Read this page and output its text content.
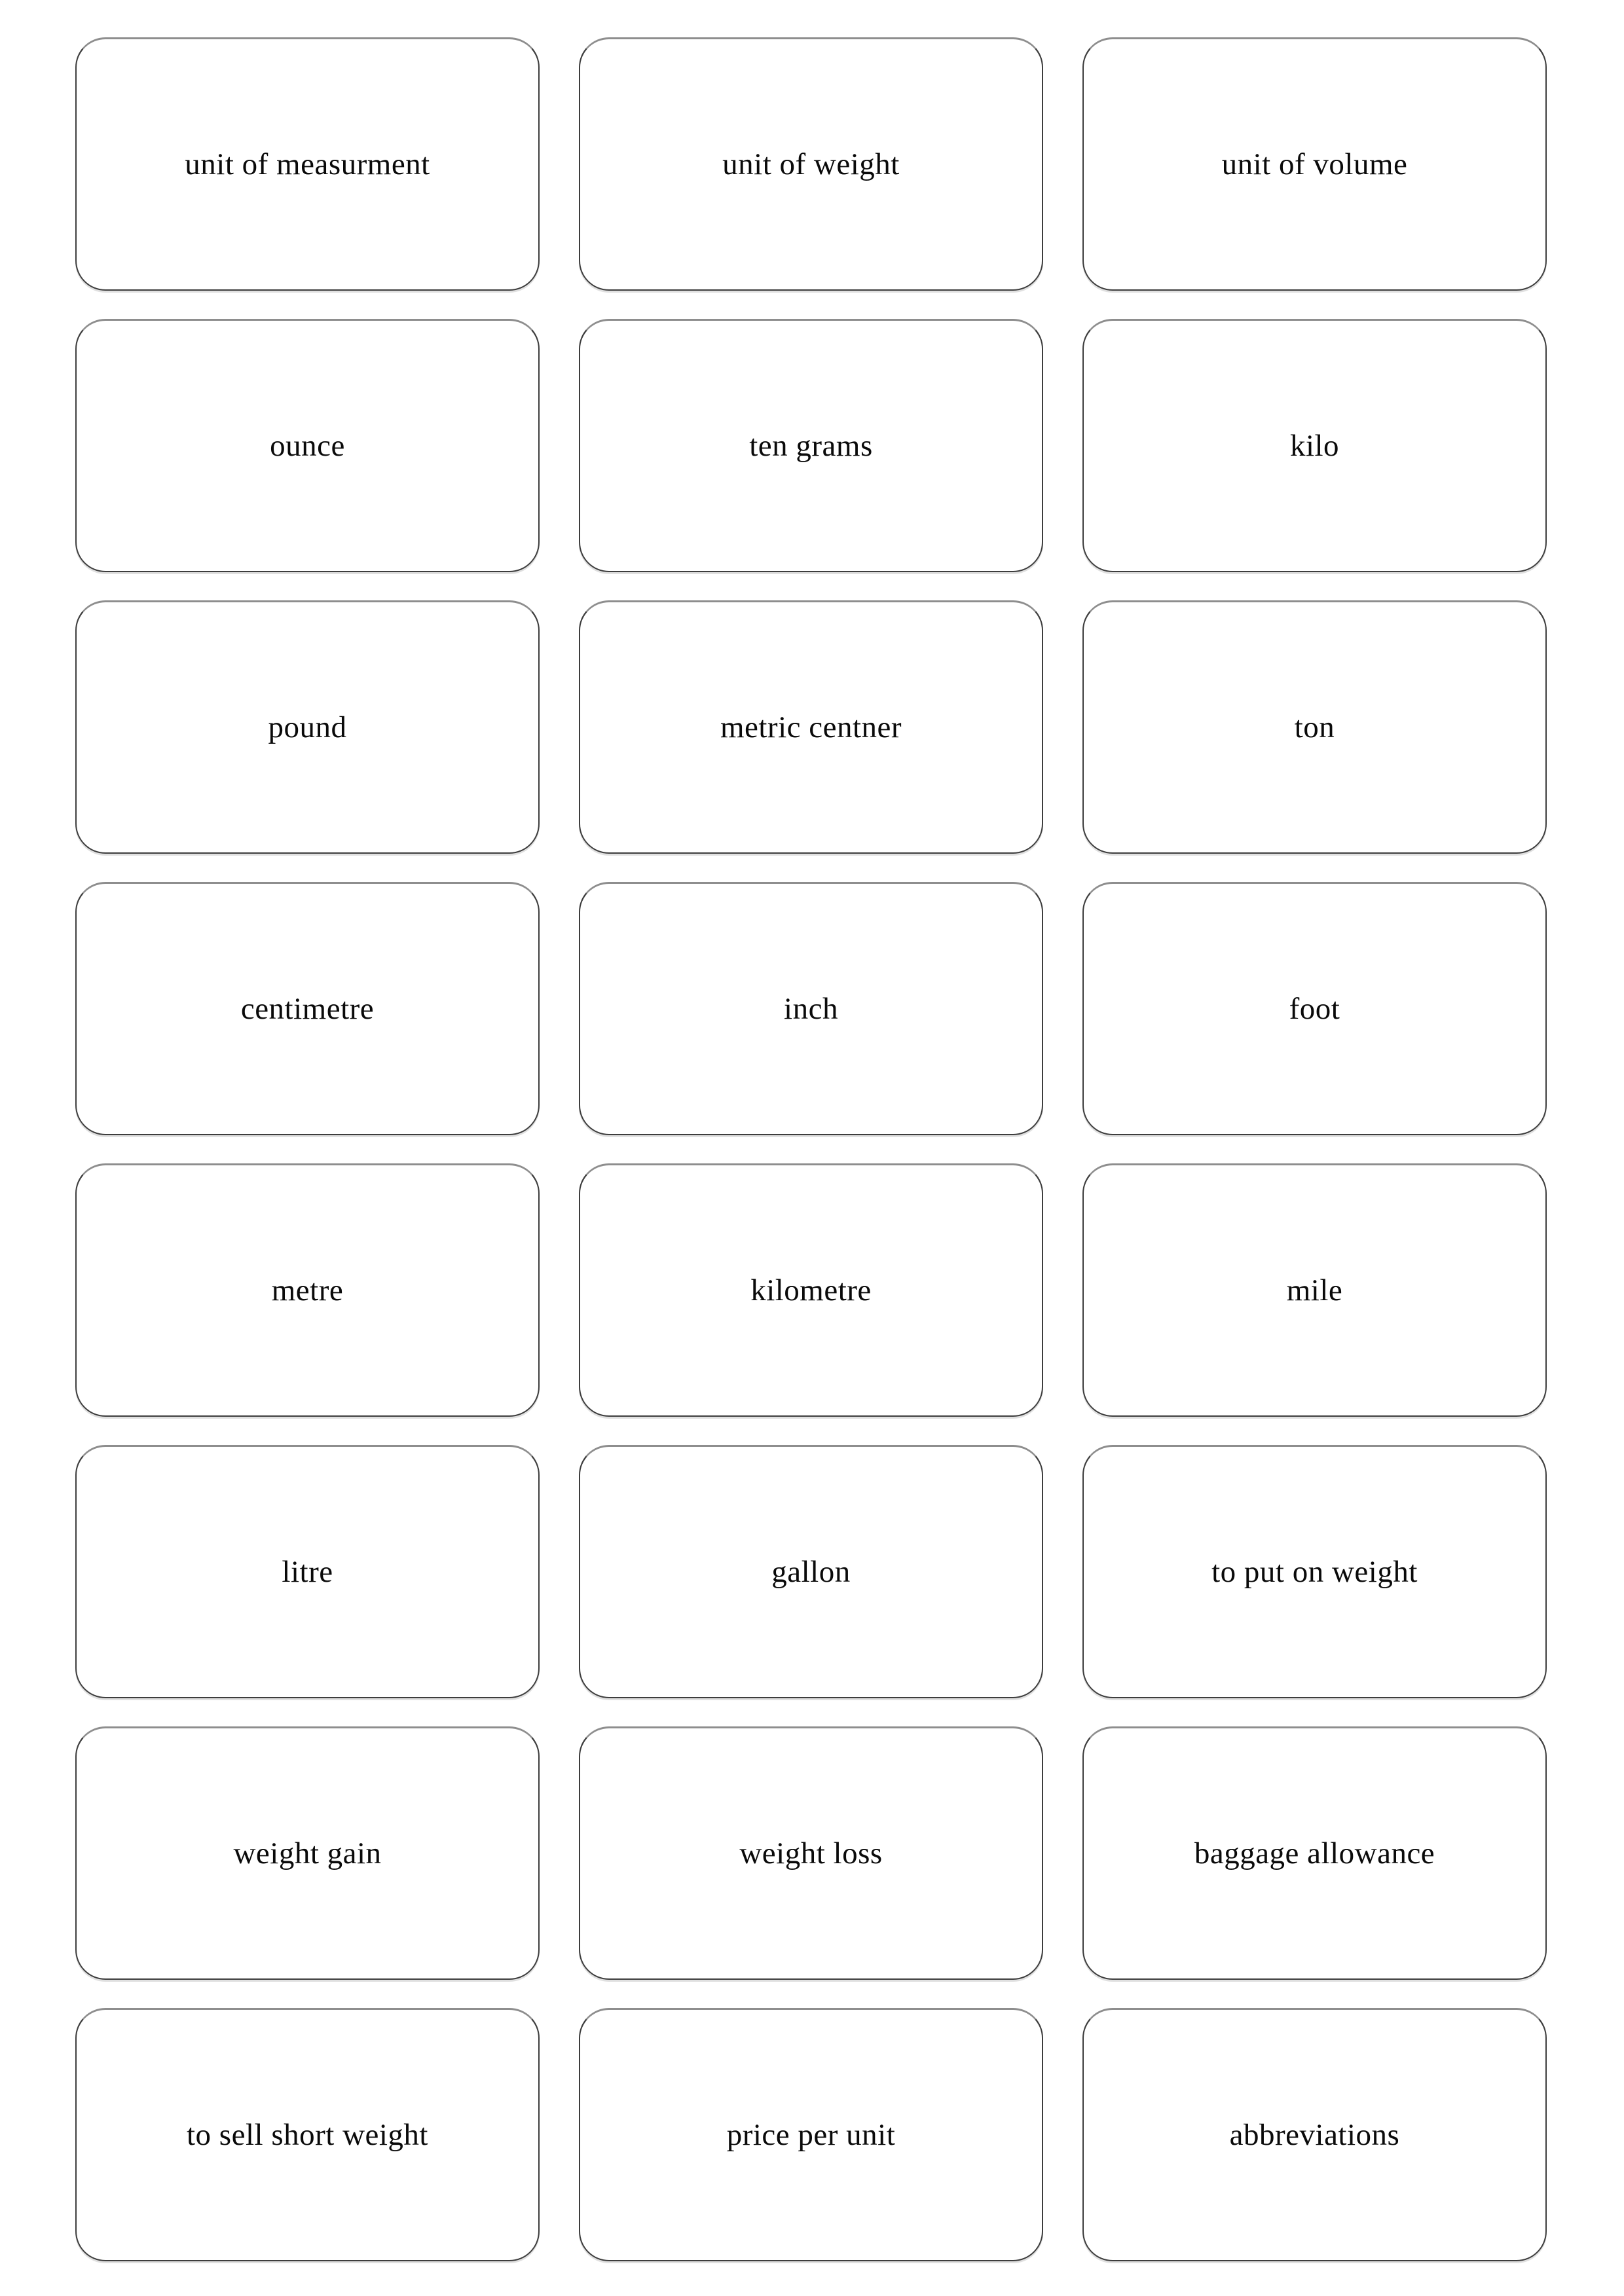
unit of measurment	unit of weight	unit of volume
ounce	ten grams	kilo
pound	metric centner	ton
centimetre	inch	foot
metre	kilometre	mile
litre	gallon	to put on weight
weight gain	weight loss	baggage allowance
to sell short weight	price per unit	abbreviations
